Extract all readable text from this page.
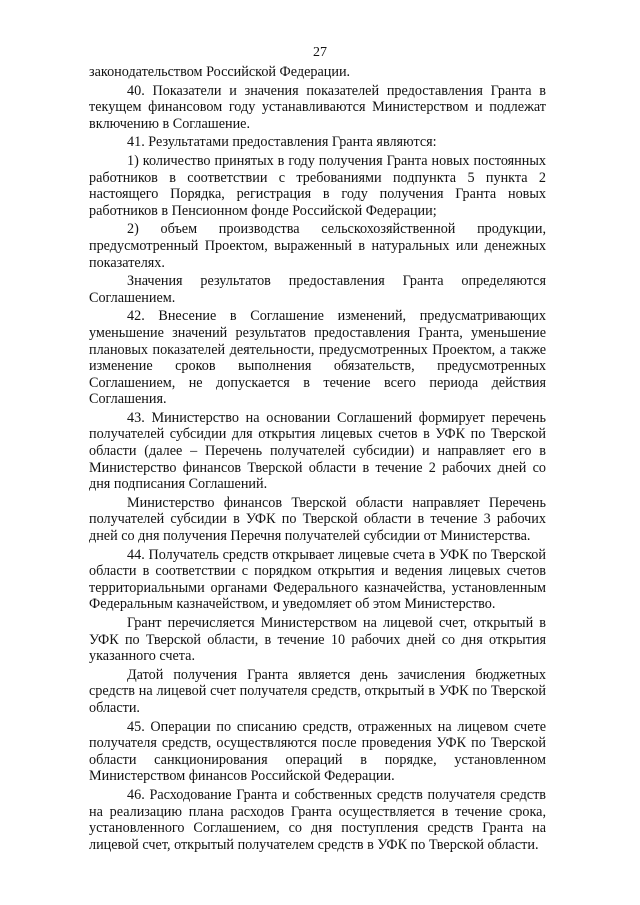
27

законодательством Российской Федерации.

40. Показатели и значения показателей предоставления Гранта в текущем финансовом году устанавливаются Министерством и подлежат включению в Соглашение.

41. Результатами предоставления Гранта являются:

1) количество принятых в году получения Гранта новых постоянных работников в соответствии с требованиями подпункта 5 пункта 2 настоящего Порядка, регистрация в году получения Гранта новых работников в Пенсионном фонде Российской Федерации;

2) объем производства сельскохозяйственной продукции, предусмотренный Проектом, выраженный в натуральных или денежных показателях.

Значения результатов предоставления Гранта определяются Соглашением.

42. Внесение в Соглашение изменений, предусматривающих уменьшение значений результатов предоставления Гранта, уменьшение плановых показателей деятельности, предусмотренных Проектом, а также изменение сроков выполнения обязательств, предусмотренных Соглашением, не допускается в течение всего периода действия Соглашения.

43. Министерство на основании Соглашений формирует перечень получателей субсидии для открытия лицевых счетов в УФК по Тверской области (далее – Перечень получателей субсидии) и направляет его в Министерство финансов Тверской области в течение 2 рабочих дней со дня подписания Соглашений.

Министерство финансов Тверской области направляет Перечень получателей субсидии в УФК по Тверской области в течение 3 рабочих дней со дня получения Перечня получателей субсидии от Министерства.

44. Получатель средств открывает лицевые счета в УФК по Тверской области в соответствии с порядком открытия и ведения лицевых счетов территориальными органами Федерального казначейства, установленным Федеральным казначейством, и уведомляет об этом Министерство.

Грант перечисляется Министерством на лицевой счет, открытый в УФК по Тверской области, в течение 10 рабочих дней со дня открытия указанного счета.

Датой получения Гранта является день зачисления бюджетных средств на лицевой счет получателя средств, открытый в УФК по Тверской области.

45. Операции по списанию средств, отраженных на лицевом счете получателя средств, осуществляются после проведения УФК по Тверской области санкционирования операций в порядке, установленном Министерством финансов Российской Федерации.

46. Расходование Гранта и собственных средств получателя средств на реализацию плана расходов Гранта осуществляется в течение срока, установленного Соглашением, со дня поступления средств Гранта на лицевой счет, открытый получателем средств в УФК по Тверской области.
